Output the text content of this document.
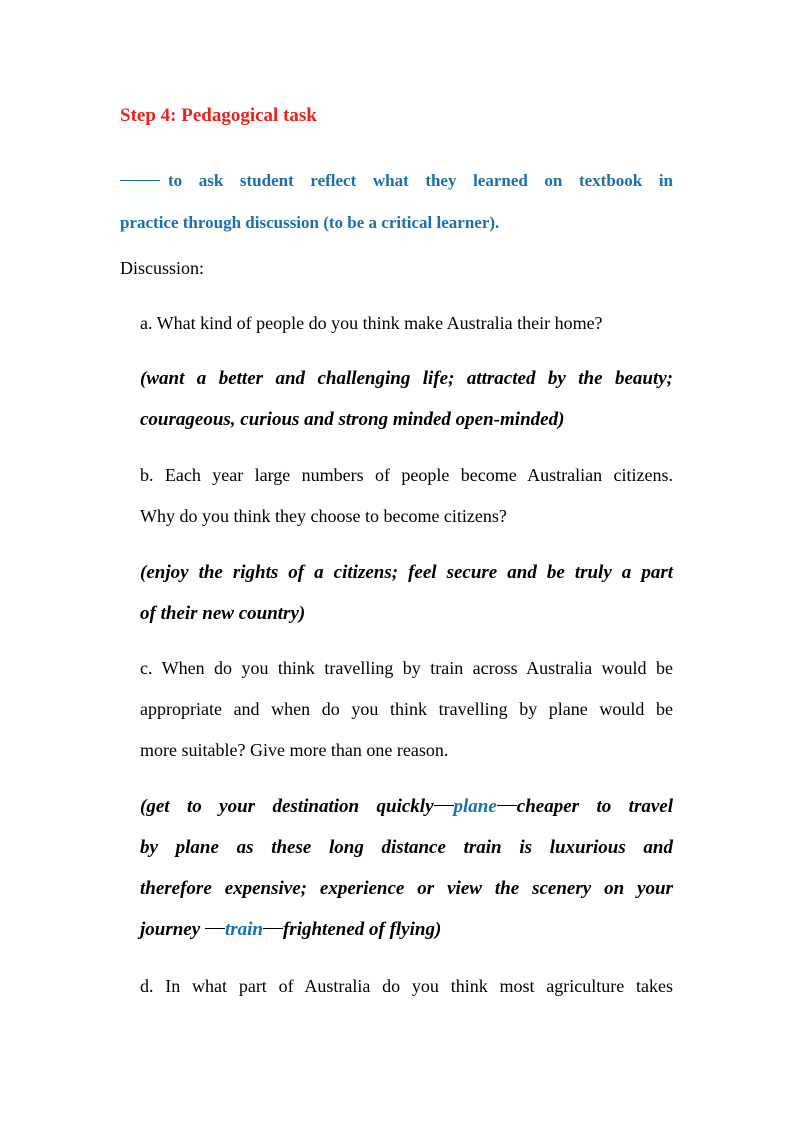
Step 4: Pedagogical task
to ask student reflect what they learned on textbook in
practice through discussion (to be a critical learner).
Discussion:
a. What kind of people do you think make Australia their home?
(want a better and challenging life; attracted by the beauty;
courageous, curious and strong minded open-minded)
b. Each year large numbers of people become Australian citizens.
Why do you think they choose to become citizens?
(enjoy the rights of a citizens; feel secure and be truly a part
of their new country)
c. When do you think travelling by train across Australia would be
appropriate and when do you think travelling by plane would be
more suitable? Give more than one reason.
(get to your destination quickly plane cheaper to travel
by plane as these long distance train is luxurious and
therefore expensive; experience or view the scenery on your
journey train frightened of flying)
d. In what part of Australia do you think most agriculture takes
